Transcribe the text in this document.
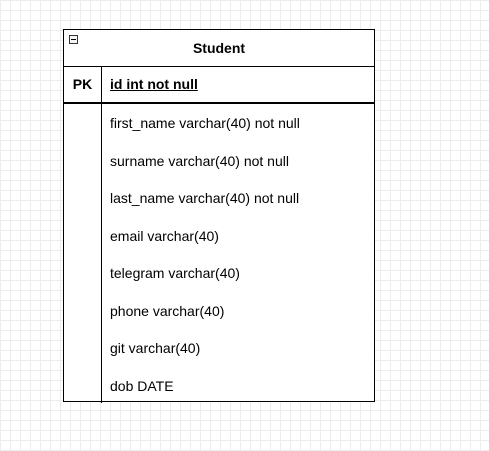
Student
PK	id int not null
first_name varchar(40) not null
surname varchar(40) not null
last_name varchar(40) not null
email varchar(40)
telegram varchar(40)
phone varchar(40)
git varchar(40)
dob DATE
